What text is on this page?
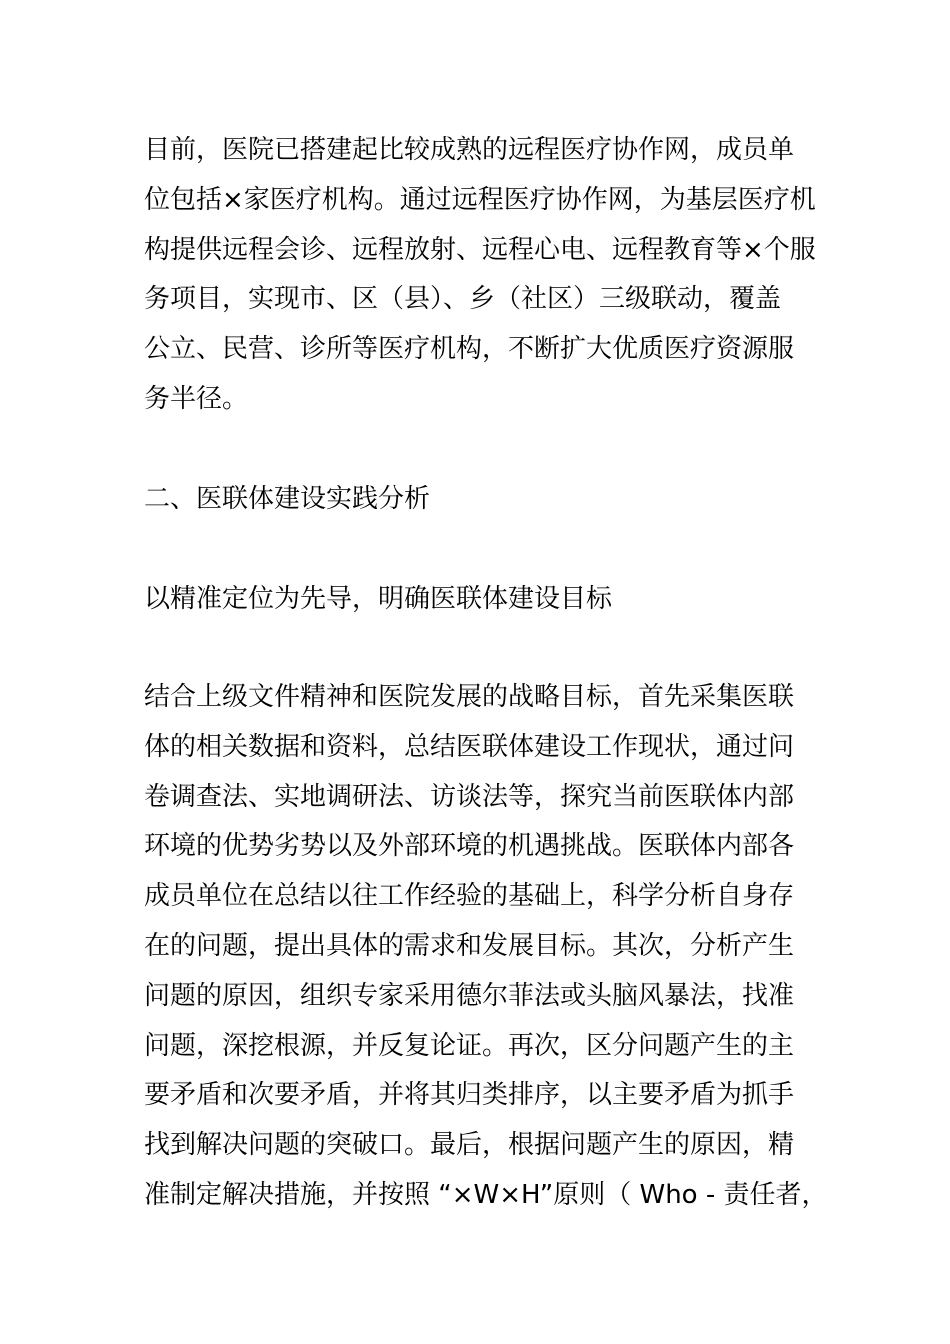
目前，医院已搭建起比较成熟的远程医疗协作网，成员单
位包括×家医疗机构。通过远程医疗协作网，为基层医疗机
构提供远程会诊、远程放射、远程心电、远程教育等×个服
务项目，实现市、区（县）、乡（社区）三级联动，覆盖
公立、民营、诊所等医疗机构，不断扩大优质医疗资源服
务半径。
二、医联体建设实践分析
以精准定位为先导，明确医联体建设目标
结合上级文件精神和医院发展的战略目标，首先采集医联
体的相关数据和资料，总结医联体建设工作现状，通过问
卷调查法、实地调研法、访谈法等，探究当前医联体内部
环境的优势劣势以及外部环境的机遇挑战。医联体内部各
成员单位在总结以往工作经验的基础上，科学分析自身存
在的问题，提出具体的需求和发展目标。其次，分析产生
问题的原因，组织专家采用德尔菲法或头脑风暴法，找准
问题，深挖根源，并反复论证。再次，区分问题产生的主
要矛盾和次要矛盾，并将其归类排序，以主要矛盾为抓手
找到解决问题的突破口。最后，根据问题产生的原因，精
准制定解决措施，并按照 “×W×H”原则（ Who - 责任者，
